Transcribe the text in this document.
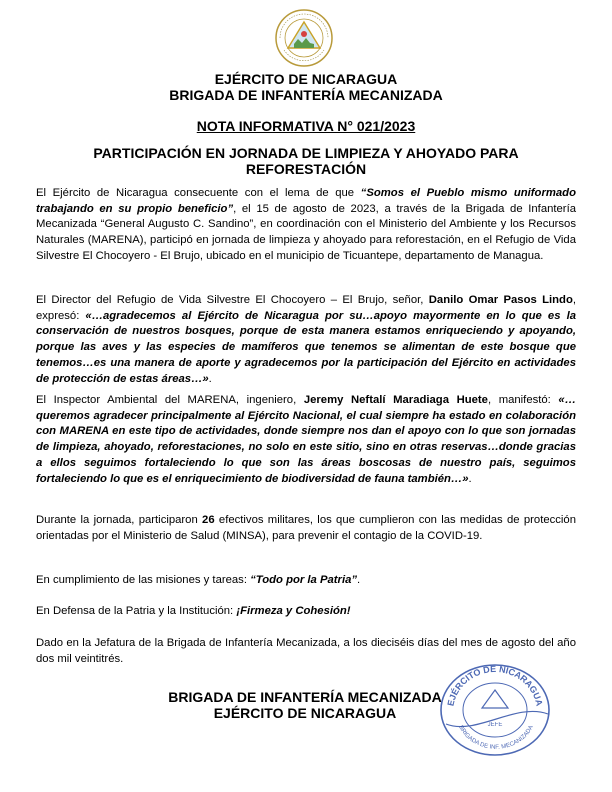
EJÉRCITO DE NICARAGUA
BRIGADA DE INFANTERÍA MECANIZADA
NOTA INFORMATIVA N° 021/2023
PARTICIPACIÓN EN JORNADA DE LIMPIEZA Y AHOYADO PARA REFORESTACIÓN
El Ejército de Nicaragua consecuente con el lema de que “Somos el Pueblo mismo uniformado trabajando en su propio beneficio”, el 15 de agosto de 2023, a través de la Brigada de Infantería Mecanizada “General Augusto C. Sandino”, en coordinación con el Ministerio del Ambiente y los Recursos Naturales (MARENA), participó en jornada de limpieza y ahoyado para reforestación, en el Refugio de Vida Silvestre El Chocoyero - El Brujo, ubicado en el municipio de Ticuantepe, departamento de Managua.
El Director del Refugio de Vida Silvestre El Chocoyero – El Brujo, señor, Danilo Omar Pasos Lindo, expresó: «…agradecemos al Ejército de Nicaragua por su…apoyo mayormente en lo que es la conservación de nuestros bosques, porque de esta manera estamos enriqueciendo y apoyando, porque las aves y las especies de mamíferos que tenemos se alimentan de este bosque que tenemos…es una manera de aporte y agradecemos por la participación del Ejército en actividades de protección de estas áreas…».
El Inspector Ambiental del MARENA, ingeniero, Jeremy Neftalí Maradiaga Huete, manifestó: «…queremos agradecer principalmente al Ejército Nacional, el cual siempre ha estado en colaboración con MARENA en este tipo de actividades, donde siempre nos dan el apoyo con lo que son jornadas de limpieza, ahoyado, reforestaciones, no solo en este sitio, sino en otras reservas…donde gracias a ellos seguimos fortaleciendo lo que son las áreas boscosas de nuestro país, seguimos fortaleciendo lo que es el enriquecimiento de biodiversidad de fauna también…».
Durante la jornada, participaron 26 efectivos militares, los que cumplieron con las medidas de protección orientadas por el Ministerio de Salud (MINSA), para prevenir el contagio de la COVID-19.
En cumplimiento de las misiones y tareas: “Todo por la Patria”.
En Defensa de la Patria y la Institución: ¡Firmeza y Cohesión!
Dado en la Jefatura de la Brigada de Infantería Mecanizada, a los dieciséis días del mes de agosto del año dos mil veintitrés.
BRIGADA DE INFANTERÍA MECANIZADA
EJÉRCITO DE NICARAGUA
EJÉRCITO DE NICARAGUA
JEFE
BRIGADA DE INF. MECANIZADA
